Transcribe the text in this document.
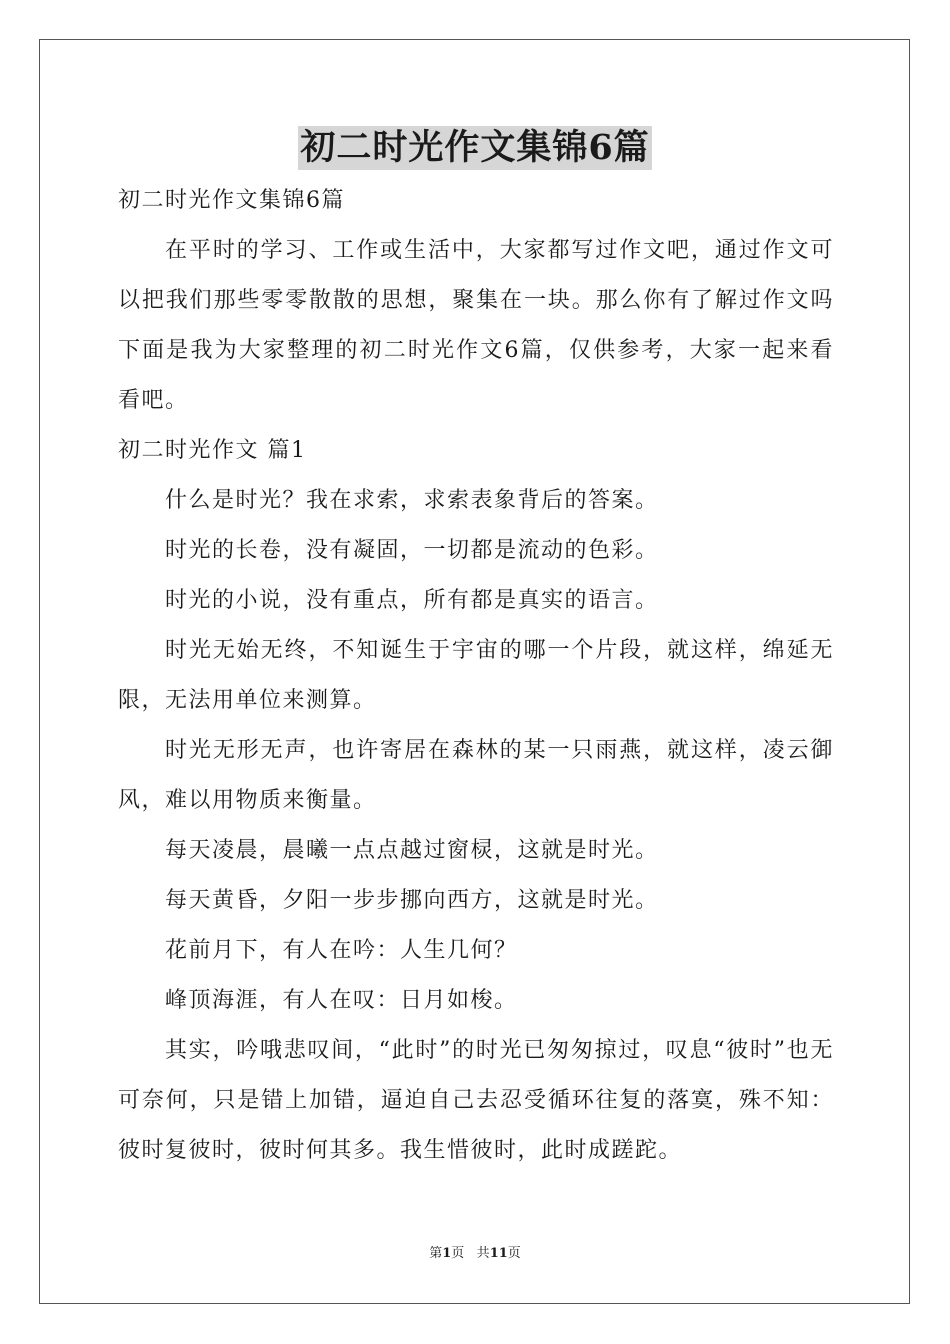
初二时光作文集锦6篇

初二时光作文集锦6篇

在平时的学习、工作或生活中，大家都写过作文吧，通过作文可以把我们那些零零散散的思想，聚集在一块。那么你有了解过作文吗下面是我为大家整理的初二时光作文6篇，仅供参考，大家一起来看看吧。

初二时光作文 篇1

什么是时光？我在求索，求索表象背后的答案。

时光的长卷，没有凝固，一切都是流动的色彩。

时光的小说，没有重点，所有都是真实的语言。

时光无始无终，不知诞生于宇宙的哪一个片段，就这样，绵延无限，无法用单位来测算。

时光无形无声，也许寄居在森林的某一只雨燕，就这样，凌云御风，难以用物质来衡量。

每天凌晨，晨曦一点点越过窗棂，这就是时光。

每天黄昏，夕阳一步步挪向西方，这就是时光。

花前月下，有人在吟：人生几何？

峰顶海涯，有人在叹：日月如梭。

其实，吟哦悲叹间，“此时”的时光已匆匆掠过，叹息“彼时”也无可奈何，只是错上加错，逼迫自己去忍受循环往复的落寞，殊不知：彼时复彼时，彼时何其多。我生惜彼时，此时成蹉跎。

第1页 共11页
